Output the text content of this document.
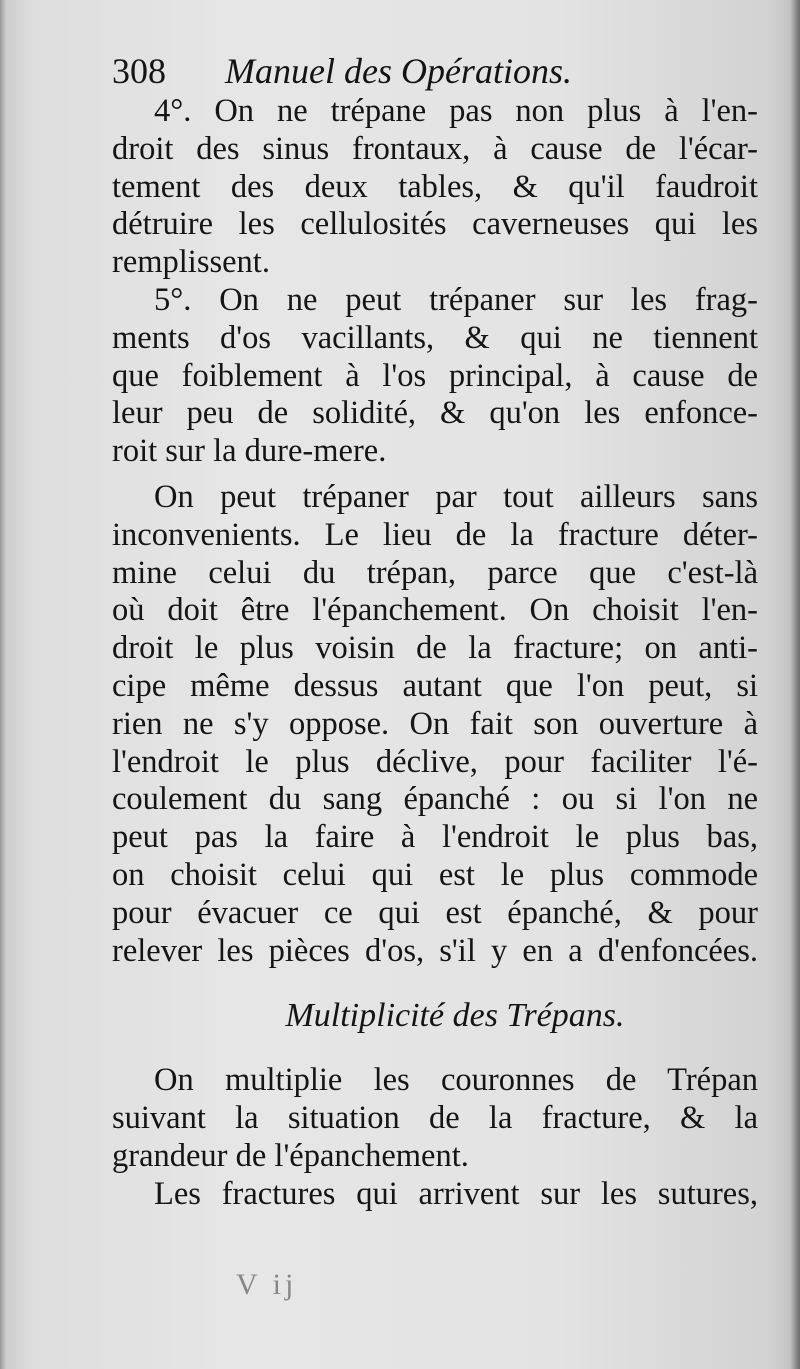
308 Manuel des Opérations.
4°. On ne trépane pas non plus à l'en-
droit des sinus frontaux, à cause de l'écar-
tement des deux tables, & qu'il faudroit
détruire les cellulosités caverneuses qui les
remplissent.
5°. On ne peut trépaner sur les frag-
ments d'os vacillants, & qui ne tiennent
que foiblement à l'os principal, à cause de
leur peu de solidité, & qu'on les enfonce-
roit sur la dure-mere.
On peut trépaner par tout ailleurs sans
inconvenients. Le lieu de la fracture déter-
mine celui du trépan, parce que c'est-là
où doit être l'épanchement. On choisit l'en-
droit le plus voisin de la fracture; on anti-
cipe même dessus autant que l'on peut, si
rien ne s'y oppose. On fait son ouverture à
l'endroit le plus déclive, pour faciliter l'é-
coulement du sang épanché : ou si l'on ne
peut pas la faire à l'endroit le plus bas,
on choisit celui qui est le plus commode
pour évacuer ce qui est épanché, & pour
relever les pièces d'os, s'il y en a d'enfoncées.
Multiplicité des Trépans.
On multiplie les couronnes de Trépan
suivant la situation de la fracture, & la
grandeur de l'épanchement.
Les fractures qui arrivent sur les sutures,
V ij
